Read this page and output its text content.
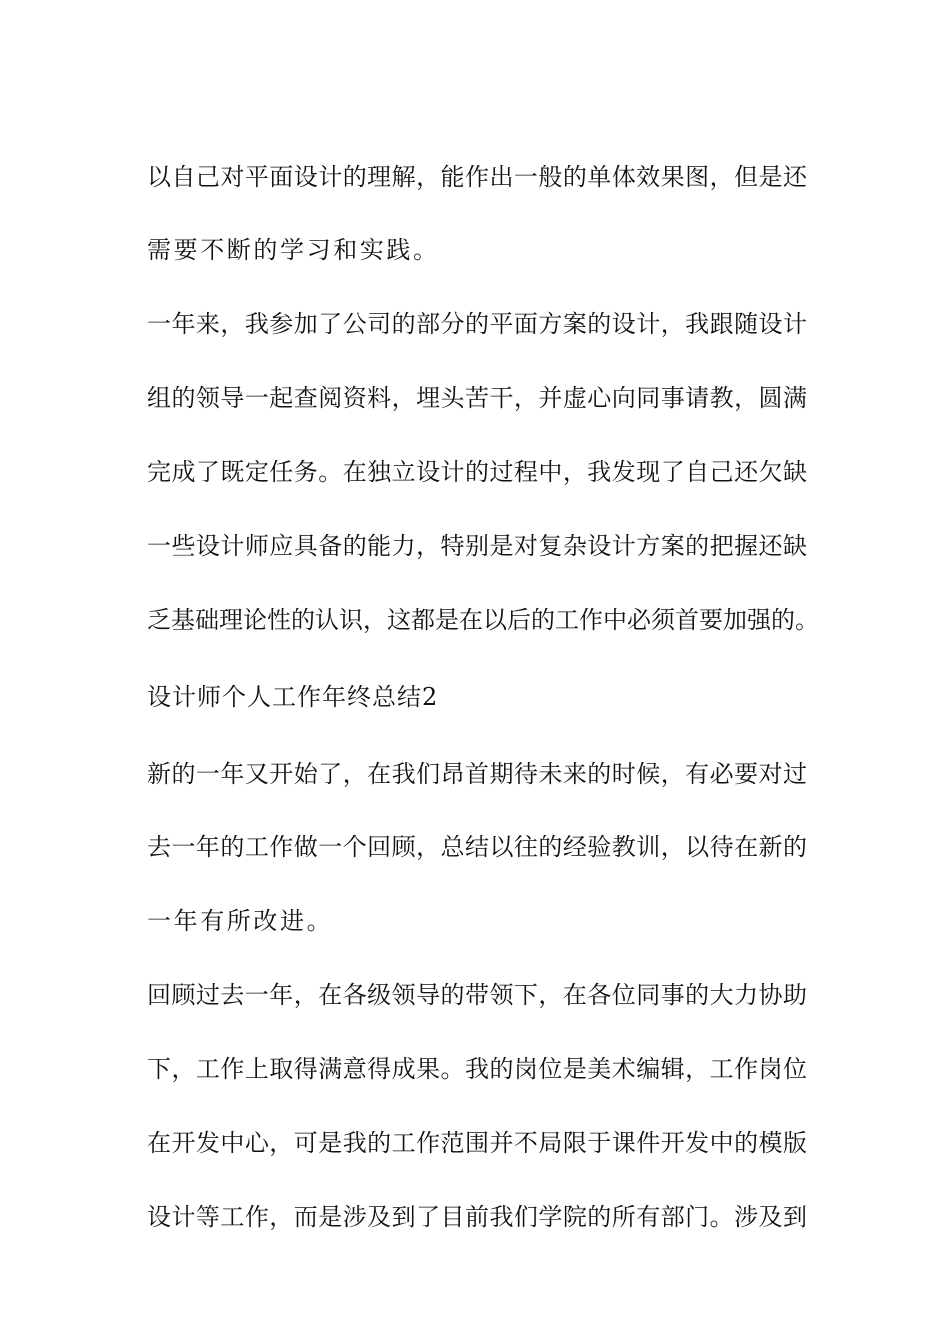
以自己对平面设计的理解，能作出一般的单体效果图，但是还

需要不断的学习和实践。

一年来，我参加了公司的部分的平面方案的设计，我跟随设计

组的领导一起查阅资料，埋头苦干，并虚心向同事请教，圆满

完成了既定任务。在独立设计的过程中，我发现了自己还欠缺

一些设计师应具备的能力，特别是对复杂设计方案的把握还缺

乏基础理论性的认识，这都是在以后的工作中必须首要加强的。

设计师个人工作年终总结2

新的一年又开始了，在我们昂首期待未来的时候，有必要对过

去一年的工作做一个回顾，总结以往的经验教训，以待在新的

一年有所改进。

回顾过去一年，在各级领导的带领下，在各位同事的大力协助

下，工作上取得满意得成果。我的岗位是美术编辑，工作岗位

在开发中心，可是我的工作范围并不局限于课件开发中的模版

设计等工作，而是涉及到了目前我们学院的所有部门。涉及到
